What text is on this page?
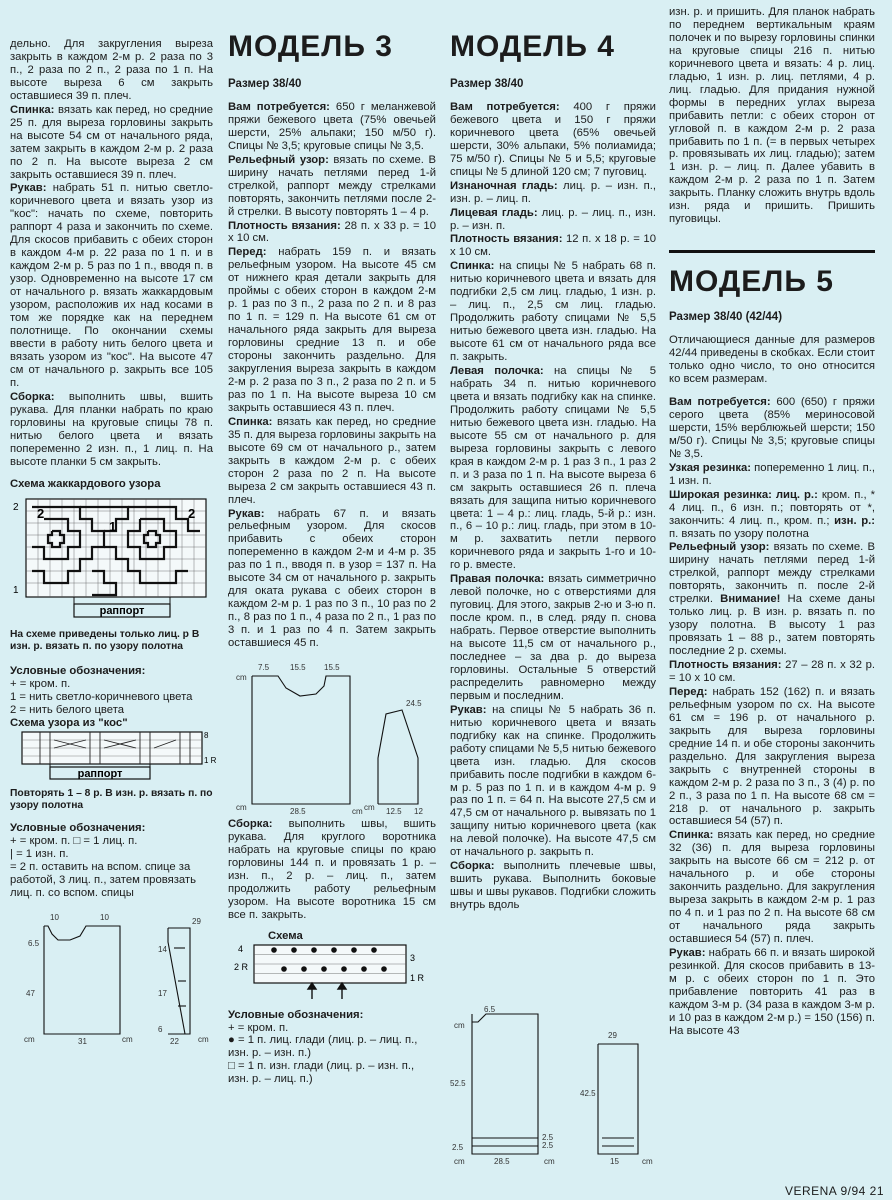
дельно. Для закругления выреза закрыть в каждом 2-м р. 2 раза по 3 п., 2 раза по 2 п., 2 раза по 1 п. На высоте выреза 6 см закрыть оставшиеся 39 п. плеч.

Спинка: вязать как перед, но средние 25 п. для выреза горловины закрыть на высоте 54 см от начального ряда, затем закрыть в каждом 2-м р. 2 раза по 2 п. На высоте выреза 2 см закрыть оставшиеся 39 п. плеч.

Рукав: набрать 51 п. нитью светло-коричневого цвета и вязать узор из "кос": начать по схеме, повторить раппорт 4 раза и закончить по схеме. Для скосов прибавить с обеих сторон в каждом 4-м р. 22 раза по 1 п. и в каждом 2-м р. 5 раз по 1 п., вводя п. в узор. Одновременно на высоте 17 см от начального р. вязать жаккардовым узором, расположив их над косами в том же порядке как на переднем полотнище. По окончании схемы ввести в работу нить белого цвета и вязать узором из "кос". На высоте 47 см от начального р. закрыть все 105 п.

Сборка: выполнить швы, вшить рукава. Для планки набрать по краю горловины на круговые спицы 78 п. нитью белого цвета и вязать попеременно 2 изн. п., 1 лиц. п. На высоте планки 5 см закрыть.

Схема жаккардового узора
2 2	2
1
1
раппорт
На схеме приведены только лиц. р В изн. р. вязать п. по узору полотна
Условные обозначения:
+ = кром. п.
1 = нить светло-коричневого цвета
2 = нить белого цвета
Схема узора из "кос"
8
1 R
раппорт
Повторять 1 – 8 р. В изн. р. вязать п. по узору полотна
Условные обозначения:
+ = кром. п. □ = 1 лиц. п.
| = 1 изн. п.
= 2 п. оставить на вспом. спице за работой, 3 лиц. п., затем провязать лиц. п. со вспом. спицы
10	10
31
29
14
6.5
47	17
22
6
cm	cm	cm
МОДЕЛЬ 3
Размер 38/40

Вам потребуется: 650 г меланжевой пряжи бежевого цвета (75% овечьей шерсти, 25% альпаки; 150 м/50 г). Спицы № 3,5; круговые спицы № 3,5.

Рельефный узор: вязать по схеме. В ширину начать петлями перед 1-й стрелкой, раппорт между стрелками повторять, закончить петлями после 2-й стрелки. В высоту повторять 1 – 4 р.

Плотность вязания: 28 п. х 33 р. = 10 х 10 см.

Перед: набрать 159 п. и вязать рельефным узором. На высоте 45 см от нижнего края детали закрыть для проймы с обеих сторон в каждом 2-м р. 1 раз по 3 п., 2 раза по 2 п. и 8 раз по 1 п. = 129 п. На высоте 61 см от начального ряда закрыть для выреза горловины средние 13 п. и обе стороны закончить раздельно. Для закругления выреза закрыть в каждом 2-м р. 2 раза по 3 п., 2 раза по 2 п. и 5 раз по 1 п. На высоте выреза 10 см закрыть оставшиеся 43 п. плеч.

Спинка: вязать как перед, но средние 35 п. для выреза горловины закрыть на высоте 69 см от начального р., затем закрыть в каждом 2-м р. с обеих сторон 2 раза по 2 п. На высоте выреза 2 см закрыть оставшиеся 43 п. плеч.

Рукав: набрать 67 п. и вязать рельефным узором. Для скосов прибавить с обеих сторон попеременно в каждом 2-м и 4-м р. 35 раз по 1 п., вводя п. в узор = 137 п. На высоте 34 см от начального р. закрыть для оката рукава с обеих сторон в каждом 2-м р. 1 раз по 3 п., 10 раз по 2 п., 8 раз по 1 п., 4 раза по 2 п., 1 раз по 3 п. и 1 раз по 4 п. Затем закрыть оставшиеся 45 п.

7.5	15.5 15.5
cm
cm
24.5
cm
28.5	cm	12.5 12

Сборка: выполнить швы, вшить рукава. Для круглого воротника набрать на круговые спицы по краю горловины 144 п. и провязать 1 р. – изн. п., 2 р. – лиц. п., затем продолжить работу рельефным узором. На высоте воротника 15 см все п. закрыть.

Схема
4
2 R
3
1 R
Условные обозначения:
+ = кром. п.
● = 1 п. лиц. глади (лиц. р. – лиц. п., изн. р. – изн. п.)
□ = 1 п. изн. глади (лиц. р. – изн. п., изн. р. – лиц. п.)
МОДЕЛЬ 4
Размер 38/40

Вам потребуется: 400 г пряжи бежевого цвета и 150 г пряжи коричневого цвета (65% овечьей шерсти, 30% альпаки, 5% полиамида; 75 м/50 г). Спицы № 5 и 5,5; круговые спицы № 5 длиной 120 см; 7 пуговиц.

Изнаночная гладь: лиц. р. – изн. п., изн. р. – лиц. п.

Лицевая гладь: лиц. р. – лиц. п., изн. р. – изн. п.

Плотность вязания: 12 п. х 18 р. = 10 х 10 см.

Спинка: на спицы № 5 набрать 68 п. нитью коричневого цвета и вязать для подгибки 2,5 см лиц. гладью, 1 изн. р. – лиц. п., 2,5 см лиц. гладью. Продолжить работу спицами № 5,5 нитью бежевого цвета изн. гладью. На высоте 61 см от начального ряда все п. закрыть.

Левая полочка: на спицы № 5 набрать 34 п. нитью коричневого цвета и вязать подгибку как на спинке. Продолжить работу спицами № 5,5 нитью бежевого цвета изн. гладью. На высоте 55 см от начального р. для выреза горловины закрыть с левого края в каждом 2-м р. 1 раз 3 п., 1 раз 2 п. и 3 раза по 1 п. На высоте выреза 6 см закрыть оставшиеся 26 п. плеча вязать для защипа нитью коричневого цвета: 1 – 4 р.: лиц. гладь, 5-й р.: изн. п., 6 – 10 р.: лиц. гладь, при этом в 10-м р. захватить петли первого коричневого ряда и закрыть 1-го и 10-го р. вместе.

Правая полочка: вязать симметрично левой полочке, но с отверстиями для пуговиц. Для этого, закрыв 2-ю и 3-ю п. после кром. п., в след. ряду п. снова набрать. Первое отверстие выполнить на высоте 11,5 см от начального р., последнее – за два р. до выреза горловины. Остальные 5 отверстий распределить равномерно между первым и последним.

Рукав: на спицы № 5 набрать 36 п. нитью коричневого цвета и вязать подгибку как на спинке. Продолжить работу спицами № 5,5 нитью бежевого цвета изн. гладью. Для скосов прибавить после подгибки в каждом 6-м р. 5 раз по 1 п. и в каждом 4-м р. 9 раз по 1 п. = 64 п. На высоте 27,5 см и 47,5 см от начального р. вывязать по 1 защипу нитью коричневого цвета (как на левой полочке). На высоте 47,5 см от начального р. закрыть п.

Сборка: выполнить плечевые швы, вшить рукава. Выполнить боковые швы и швы рукавов. Подгибки сложить внутрь вдоль

6.5
cm
52.5
2.5
2.5
2.5
28.5
cm	cm
29
42.5
15	cm

изн. р. и пришить. Для планок набрать по переднем вертикальным краям полочек и по вырезу горловины спинки на круговые спицы 216 п. нитью коричневого цвета и вязать: 4 р. лиц. гладью, 1 изн. р. лиц. петлями, 4 р. лиц. гладью. Для придания нужной формы в передних углах выреза прибавить петли: с обеих сторон от угловой п. в каждом 2-м р. 2 раза прибавить по 1 п. (= в первых четырех р. провязывать их лиц. гладью); затем 1 изн. р. – лиц. п. Далее убавить в каждом 2-м р. 2 раза по 1 п. Затем закрыть. Планку сложить внутрь вдоль изн. ряда и пришить. Пришить пуговицы.

МОДЕЛЬ 5
Размер 38/40 (42/44)

Отличающиеся данные для размеров 42/44 приведены в скобках. Если стоит только одно число, то оно относится ко всем размерам.

Вам потребуется: 600 (650) г пряжи серого цвета (85% мериносовой шерсти, 15% верблюжьей шерсти; 150 м/50 г). Спицы № 3,5; круговые спицы № 3,5.

Узкая резинка: попеременно 1 лиц. п., 1 изн. п.

Широкая резинка: лиц. р.: кром. п., * 4 лиц. п., 6 изн. п.; повторять от *, закончить: 4 лиц. п., кром. п.; изн. р.: п. вязать по узору полотна

Рельефный узор: вязать по схеме. В ширину начать петлями перед 1-й стрелкой, раппорт между стрелками повторять, закончить п. после 2-й стрелки. Внимание! На схеме даны только лиц. р. В изн. р. вязать п. по узору полотна. В высоту 1 раз провязать 1 – 88 р., затем повторять последние 2 р. схемы.

Плотность вязания: 27 – 28 п. х 32 р. = 10 х 10 см.

Перед: набрать 152 (162) п. и вязать рельефным узором по сх. На высоте 61 см = 196 р. от начального р. закрыть для выреза горловины средние 14 п. и обе стороны закончить раздельно. Для закругления выреза закрыть с внутренней стороны в каждом 2-м р. 2 раза по 3 п., 3 (4) р. по 2 п., 3 раза по 1 п. На высоте 68 см = 218 р. от начального р. закрыть оставшиеся 54 (57) п.

Спинка: вязать как перед, но средние 32 (36) п. для выреза горловины закрыть на высоте 66 см = 212 р. от начального р. и обе стороны закончить раздельно. Для закругления выреза закрыть в каждом 2-м р. 1 раз по 4 п. и 1 раз по 2 п. На высоте 68 см от начального ряда закрыть оставшиеся 54 (57) п. плеч.

Рукав: набрать 66 п. и вязать широкой резинкой. Для скосов прибавить в 13-м р. с обеих сторон по 1 п. Это прибавление повторить 41 раз в каждом 3-м р. (34 раза в каждом 3-м р. и 10 раз в каждом 2-м р.) = 150 (156) п. На высоте 43

VERENA 9/94 21
